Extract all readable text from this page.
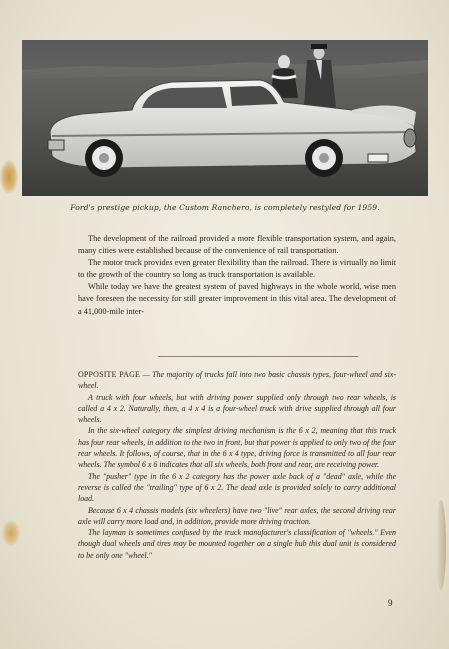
Ford's prestige pickup, the Custom Ranchero, is completely restyled for 1959.

The development of the railroad provided a more flexible transportation system, and again, many cities were established because of the convenience of rail transportation.

The motor truck provides even greater flexibility than the railroad. There is virtually no limit to the growth of the country so long as truck transportation is available.

While today we have the greatest system of paved highways in the whole world, wise men have foreseen the necessity for still greater improvement in this vital area. The development of a 41,000-mile inter-

OPPOSITE PAGE — The majority of trucks fall into two basic chassis types, four-wheel and six-wheel.

A truck with four wheels, but with driving power supplied only through two rear wheels, is called a 4 x 2. Naturally, then, a 4 x 4 is a four-wheel truck with drive supplied through all four wheels.

In the six-wheel category the simplest driving mechanism is the 6 x 2, meaning that this truck has four rear wheels, in addition to the two in front, but that power is applied to only two of the four rear wheels. It follows, of course, that in the 6 x 4 type, driving force is transmitted to all four rear wheels. The symbol 6 x 6 indicates that all six wheels, both front and rear, are receiving power.

The "pusher" type in the 6 x 2 category has the power axle back of a "dead" axle, while the reverse is called the "trailing" type of 6 x 2. The dead axle is provided solely to carry additional load.

Because 6 x 4 chassis models (six wheelers) have two "live" rear axles, the second driving rear axle will carry more load and, in addition, provide more driving traction.

The layman is sometimes confused by the truck manufacturer's classification of "wheels." Even though dual wheels and tires may be mounted together on a single hub this dual unit is considered to be only one "wheel."

9
